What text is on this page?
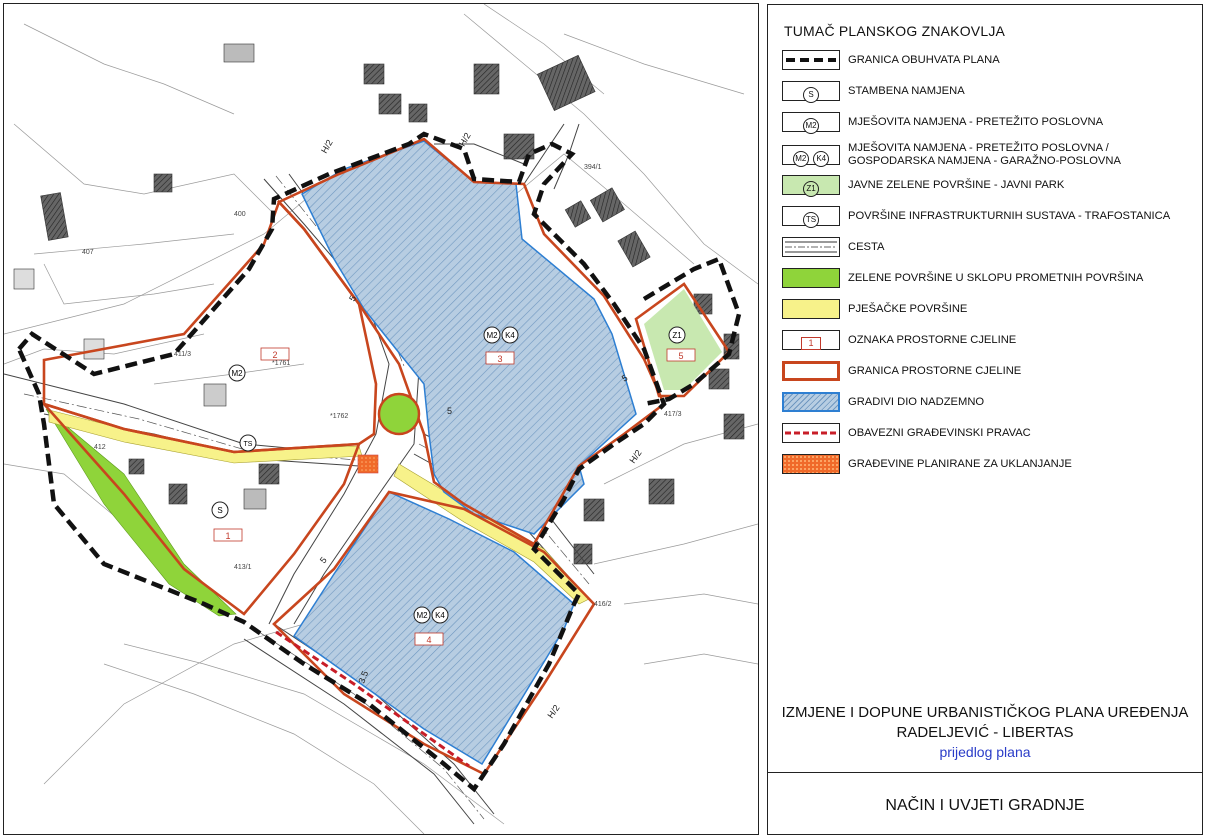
1
2	3
4
5
S
M2
M2 K4
M2 K4
Z1
TS
H/2
5
5
5
H/2
H/2
5
3.5
H/2
*1761
*1762
411/3
413/1
416/2
394/1
417/3
400
407
412
TUMAČ PLANSKOG ZNAKOVLJA
GRANICA OBUHVATA PLANA
S	STAMBENA NAMJENA
M2	MJEŠOVITA NAMJENA - PRETEŽITO POSLOVNA
M2 K4
MJEŠOVITA NAMJENA - PRETEŽITO POSLOVNA /
GOSPODARSKA NAMJENA - GARAŽNO-POSLOVNA
Z1	JAVNE ZELENE POVRŠINE - JAVNI PARK
TS	POVRŠINE INFRASTRUKTURNIH SUSTAVA - TRAFOSTANICA
CESTA
ZELENE POVRŠINE U SKLOPU PROMETNIH POVRŠINA
PJEŠAČKE POVRŠINE
1	OZNAKA PROSTORNE CJELINE
GRANICA PROSTORNE CJELINE
GRADIVI DIO NADZEMNO
OBAVEZNI GRAĐEVINSKI PRAVAC
GRAĐEVINE PLANIRANE ZA UKLANJANJE
IZMJENE I DOPUNE URBANISTIČKOG PLANA UREĐENJA
RADELJEVIĆ - LIBERTAS
prijedlog plana
NAČIN I UVJETI GRADNJE
